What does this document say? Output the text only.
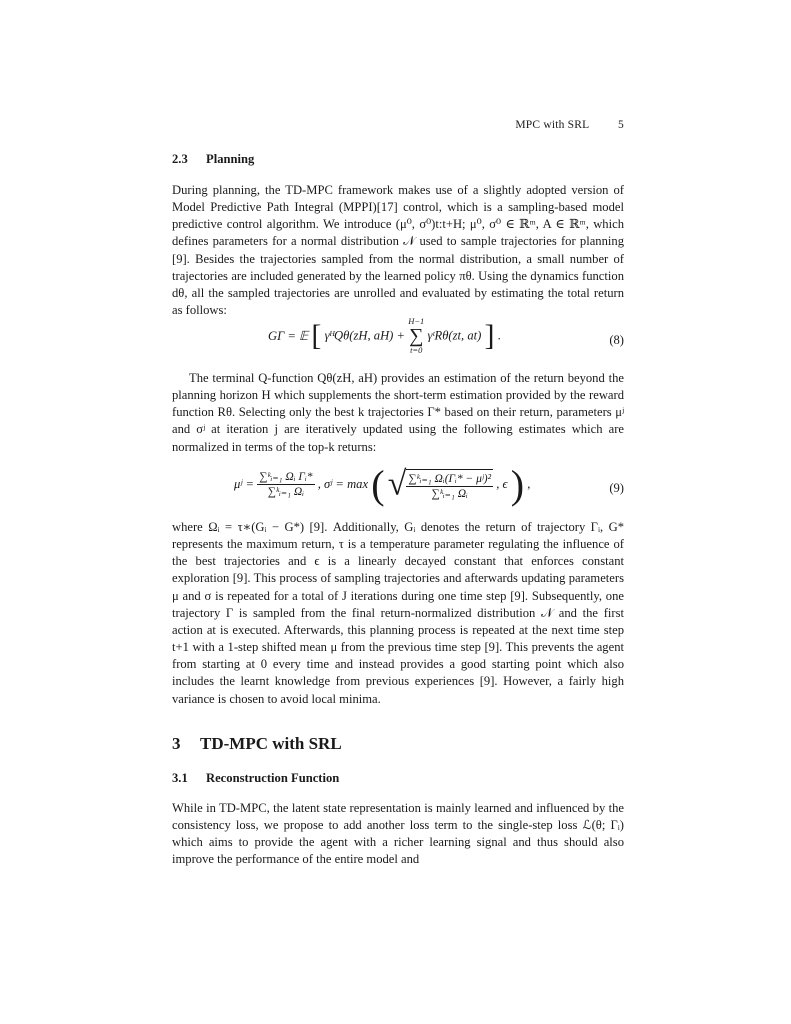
MPC with SRL	5
2.3 Planning

During planning, the TD-MPC framework makes use of a slightly adopted version of Model Predictive Path Integral (MPPI)[17] control, which is a sampling-based model predictive control algorithm. We introduce (μ⁰, σ⁰)t:t+H; μ⁰, σ⁰ ∈ ℝᵐ, A ∈ ℝᵐ, which defines parameters for a normal distribution 𝒩 used to sample trajectories for planning [9]. Besides the trajectories sampled from the normal distribution, a small number of trajectories are included generated by the learned policy πθ. Using the dynamics function dθ, all the sampled trajectories are unrolled and evaluated by estimating the total return as follows:

GΓ = 𝔼 [ γᴴQθ(zH, aH) +
H−1
∑
t=0
γᵗRθ(zt, at) ] .	(8)

The terminal Q-function Qθ(zH, aH) provides an estimation of the return beyond the planning horizon H which supplements the short-term estimation provided by the reward function Rθ. Selecting only the best k trajectories Γ* based on their return, parameters μʲ and σʲ at iteration j are iteratively updated using the following estimates which are normalized in terms of the top-k returns:

μʲ = $\frac{\text{∑ᵏᵢ₌₁ Ωᵢ Γᵢ*}}{\text{∑ᵏᵢ₌₁ Ωᵢ}}$ , σʲ = max ( √ $\frac{\text{∑ᵏᵢ₌₁ Ωᵢ(Γᵢ* − μʲ)²}}{\text{∑ᵏᵢ₌₁ Ωᵢ}}$ , ϵ ) ,	(9)

where Ωᵢ = τ∗(Gᵢ − G*) [9]. Additionally, Gᵢ denotes the return of trajectory Γᵢ, G* represents the maximum return, τ is a temperature parameter regulating the influence of the best trajectories and ϵ is a linearly decayed constant that enforces constant exploration [9]. This process of sampling trajectories and afterwards updating parameters μ and σ is repeated for a total of J iterations during one time step [9]. Subsequently, one trajectory Γ is sampled from the final return-normalized distribution 𝒩 and the first action at is executed. Afterwards, this planning process is repeated at the next time step t+1 with a 1-step shifted mean μ from the previous time step [9]. This prevents the agent from starting at 0 every time and instead provides a good starting point which also includes the learnt knowledge from previous experiences [9]. However, a fairly high variance is chosen to avoid local minima.

3 TD-MPC with SRL
3.1 Reconstruction Function

While in TD-MPC, the latent state representation is mainly learned and influenced by the consistency loss, we propose to add another loss term to the single-step loss ℒ(θ; Γᵢ) which aims to provide the agent with a richer learning signal and thus should also improve the performance of the entire model and
